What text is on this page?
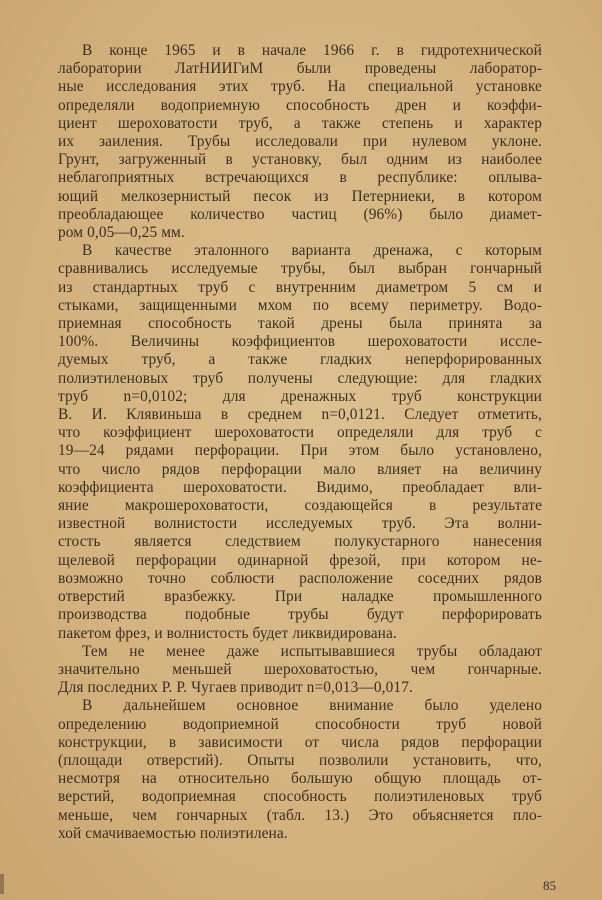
В конце 1965 и в начале 1966 г. в гидротехнической
лаборатории ЛатНИИГиМ были проведены лаборатор-
ные исследования этих труб. На специальной установке
определяли водоприемную способность дрен и коэффи-
циент шероховатости труб, а также степень и характер
их заиления. Трубы исследовали при нулевом уклоне.
Грунт, загруженный в установку, был одним из наиболее
неблагоприятных встречающихся в республике: оплыва-
ющий мелкозернистый песок из Петерниеки, в котором
преобладающее количество частиц (96%) было диамет-
ром 0,05—0,25 мм.
В качестве эталонного варианта дренажа, с которым
сравнивались исследуемые трубы, был выбран гончарный
из стандартных труб с внутренним диаметром 5 см и
стыками, защищенными мхом по всему периметру. Водо-
приемная способность такой дрены была принята за
100%. Величины коэффициентов шероховатости иссле-
дуемых труб, а также гладких неперфорированных
полиэтиленовых труб получены следующие: для гладких
труб n=0,0102; для дренажных труб конструкции
В. И. Клявиньша в среднем n=0,0121. Следует отметить,
что коэффициент шероховатости определяли для труб с
19—24 рядами перфорации. При этом было установлено,
что число рядов перфорации мало влияет на величину
коэффициента шероховатости. Видимо, преобладает вли-
яние макрошероховатости, создающейся в результате
известной волнистости исследуемых труб. Эта волни-
стость является следствием полукустарного нанесения
щелевой перфорации одинарной фрезой, при котором не-
возможно точно соблюсти расположение соседних рядов
отверстий вразбежку. При наладке промышленного
производства подобные трубы будут перфорировать
пакетом фрез, и волнистость будет ликвидирована.
Тем не менее даже испытывавшиеся трубы обладают
значительно меньшей шероховатостью, чем гончарные.
Для последних Р. Р. Чугаев приводит n=0,013—0,017.
В дальнейшем основное внимание было уделено
определению водоприемной способности труб новой
конструкции, в зависимости от числа рядов перфорации
(площади отверстий). Опыты позволили установить, что,
несмотря на относительно большую общую площадь от-
верстий, водоприемная способность полиэтиленовых труб
меньше, чем гончарных (табл. 13.) Это объясняется пло-
хой смачиваемостью полиэтилена.
85
